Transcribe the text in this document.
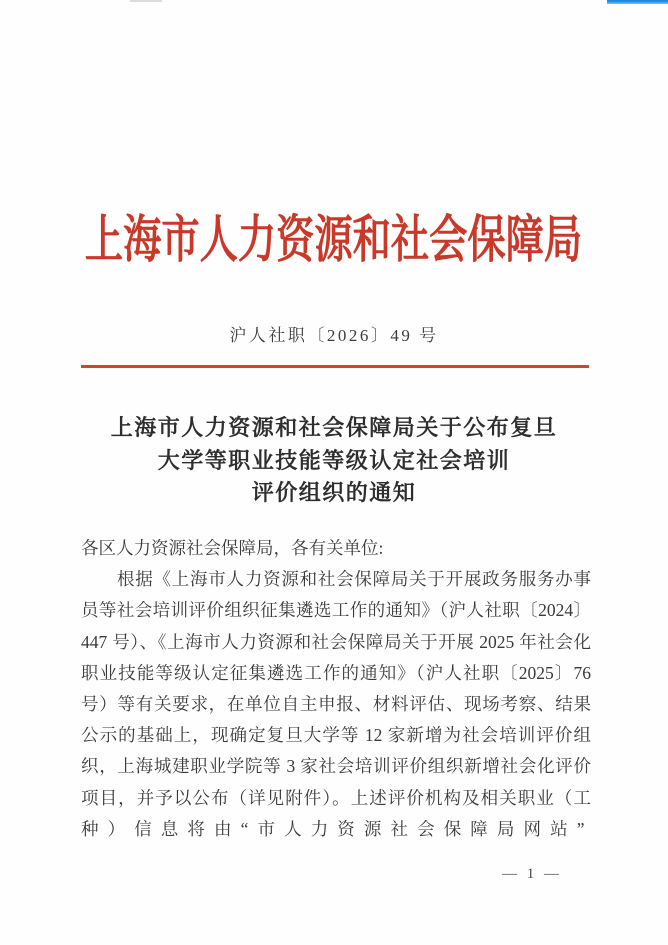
上海市人力资源和社会保障局
沪人社职〔2026〕49 号
上海市人力资源和社会保障局关于公布复旦
大学等职业技能等级认定社会培训
评价组织的通知
各区人力资源社会保障局，各有关单位:
根据《上海市人力资源和社会保障局关于开展政务服务办事
员等社会培训评价组织征集遴选工作的通知》（沪人社职〔2024〕
447 号）、《上海市人力资源和社会保障局关于开展 2025 年社会化
职业技能等级认定征集遴选工作的通知》（沪人社职〔2025〕76
号）等有关要求，在单位自主申报、材料评估、现场考察、结果
公示的基础上，现确定复旦大学等 12 家新增为社会培训评价组
织，上海城建职业学院等 3 家社会培训评价组织新增社会化评价
项目，并予以公布（详见附件）。上述评价机构及相关职业（工
种）信息将由“市人力资源社会保障局网站”
— 1 —
